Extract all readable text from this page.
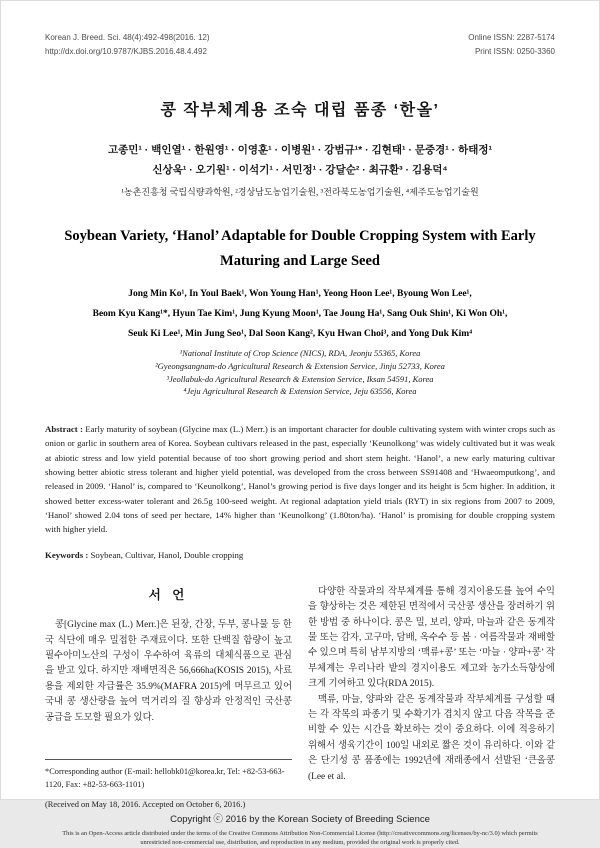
Korean J. Breed. Sci. 48(4):492-498(2016. 12)
http://dx.doi.org/10.9787/KJBS.2016.48.4.492
Online ISSN: 2287-5174
Print ISSN: 0250-3360
콩 작부체계용 조숙 대립 품종 ‘한올’
고종민¹ · 백인열¹ · 한원영¹ · 이영훈¹ · 이병원¹ · 강범규¹* · 김현태¹ · 문중경¹ · 하태정¹
신상욱¹ · 오기원¹ · 이석기¹ · 서민정¹ · 강달순² · 최규환³ · 김용덕⁴
¹농촌진흥청 국립식량과학원, ²경상남도농업기술원, ³전라북도농업기술원, ⁴제주도농업기술원
Soybean Variety, ‘Hanol’ Adaptable for Double Cropping System with Early Maturing and Large Seed
Jong Min Ko¹, In Youl Baek¹, Won Young Han¹, Yeong Hoon Lee¹, Byoung Won Lee¹,
Beom Kyu Kang¹*, Hyun Tae Kim¹, Jung Kyung Moon¹, Tae Joung Ha¹, Sang Ouk Shin¹, Ki Won Oh¹,
Seuk Ki Lee¹, Min Jung Seo¹, Dal Soon Kang², Kyu Hwan Choi³, and Yong Duk Kim⁴
¹National Institute of Crop Science (NICS), RDA, Jeonju 55365, Korea
²Gyeongsangnam-do Agricultural Research & Extension Service, Jinju 52733, Korea
³Jeollabuk-do Agricultural Research & Extension Service, Iksan 54591, Korea
⁴Jeju Agricultural Research & Extension Service, Jeju 63556, Korea
Abstract : Early maturity of soybean (Glycine max (L.) Merr.) is an important character for double cultivating system with winter crops such as onion or garlic in southern area of Korea. Soybean cultivars released in the past, especially ‘Keunolkong’ was widely cultivated but it was weak at abiotic stress and low yield potential because of too short growing period and short stem height. ‘Hanol’, a new early maturing cultivar showing better abiotic stress tolerant and higher yield potential, was developed from the cross between SS91408 and ‘Hwaeomputkong’, and released in 2009. ‘Hanol’ is, compared to ‘Keunolkong’, Hanol’s growing period is five days longer and its height is 5cm higher. In addition, it showed better excess-water tolerant and 26.5g 100-seed weight. At regional adaptation yield trials (RYT) in six regions from 2007 to 2009, ‘Hanol’ showed 2.04 tons of seed per hectare, 14% higher than ‘Keunolkong’ (1.80ton/ha). ‘Hanol’ is promising for double cropping system with higher yield.
Keywords : Soybean, Cultivar, Hanol, Double cropping
서 언
콩[Glycine max (L.) Merr.]은 된장, 간장, 두부, 콩나물 등 한국 식단에 매우 밀접한 주재료이다. 또한 단백질 함량이 높고 필수아미노산의 구성이 우수하여 육류의 대체식품으로 관심을 받고 있다. 하지만 재배면적은 56,666ha(KOSIS 2015), 사료용을 제외한 자급률은 35.9%(MAFRA 2015)에 머무르고 있어 국내 콩 생산량을 높여 먹거리의 질 향상과 안정적인 국산콩 공급을 도모할 필요가 있다.
*Corresponding author (E-mail: hellobk01@korea.kr, Tel: +82-53-663-1120, Fax: +82-53-663-1101)
(Received on May 18, 2016. Accepted on October 6, 2016.)
다양한 작물과의 작부체계를 통해 경지이용도를 높여 수익을 향상하는 것은 제한된 면적에서 국산콩 생산을 장려하기 위한 방법 중 하나이다. 콩은 밀, 보리, 양파, 마늘과 같은 동계작물 또는 감자, 고구마, 담배, 옥수수 등 봄 · 여름작물과 재배할 수 있으며 특히 남부지방의 ‘맥류+콩’ 또는 ‘마늘 · 양파+콩’ 작부체계는 우리나라 밭의 경지이용도 제고와 농가소득향상에 크게 기여하고 있다(RDA 2015).
맥류, 마늘, 양파와 같은 동계작물과 작부체계를 구성할 때는 각 작목의 파종기 및 수확기가 겹치지 않고 다음 작목을 준비할 수 있는 시간을 확보하는 것이 중요하다. 이에 적응하기 위해서 생육기간이 100일 내외로 짧은 것이 유리하다. 이와 같은 단기성 콩 품종에는 1992년에 재래종에서 선발된 ‘큰올콩(Lee et al.
Copyright ⓒ 2016 by the Korean Society of Breeding Science
This is an Open-Access article distributed under the terms of the Creative Commons Attribution Non-Commercial License (http://creativecommons.org/licenses/by-nc/3.0) which permits unrestricted non-commercial use, distribution, and reproduction in any medium, provided the original work is properly cited.
